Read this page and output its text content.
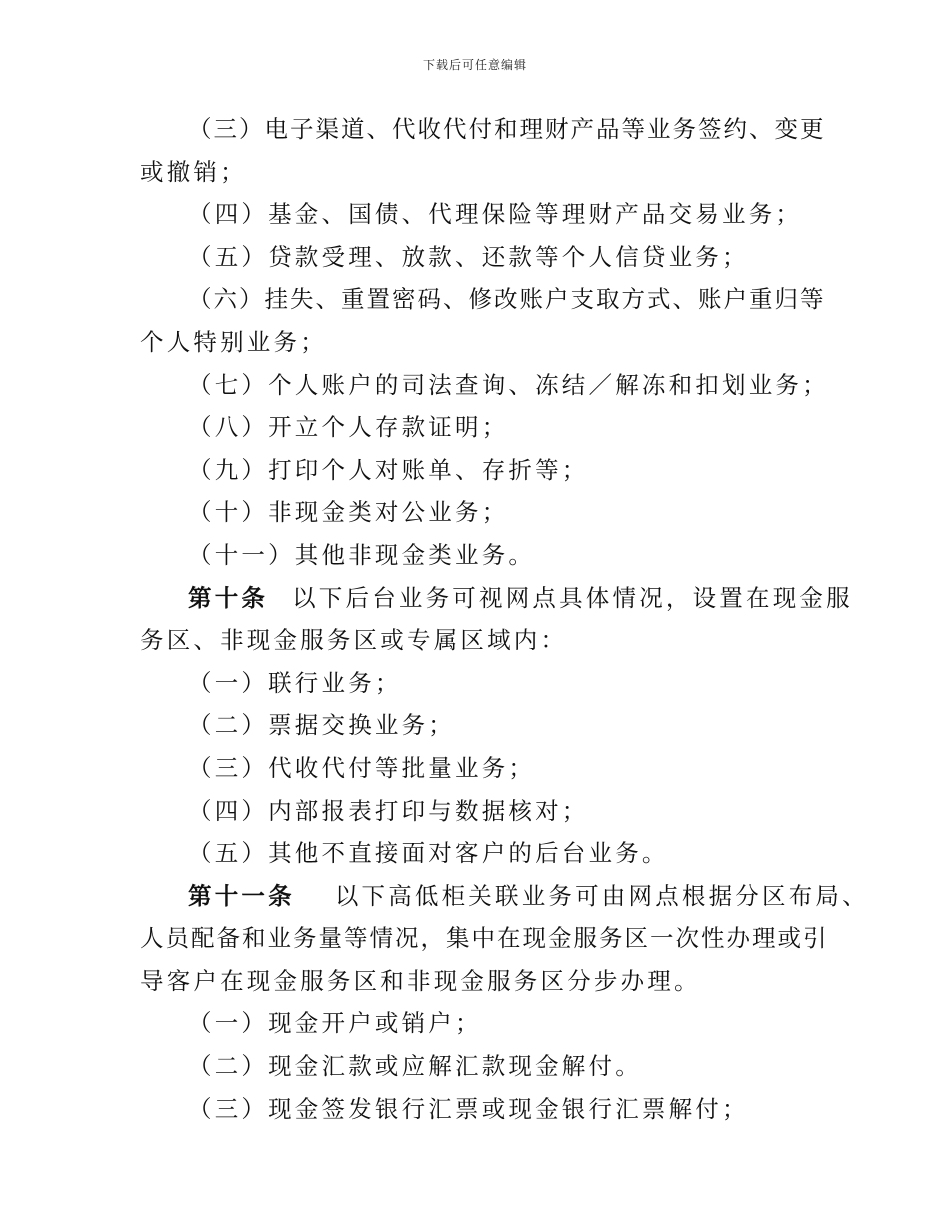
下载后可任意编辑
（三）电子渠道、代收代付和理财产品等业务签约、变更
或撤销；
（四）基金、国债、代理保险等理财产品交易业务；
（五）贷款受理、放款、还款等个人信贷业务；
（六）挂失、重置密码、修改账户支取方式、账户重归等
个人特别业务；
（七）个人账户的司法查询、冻结／解冻和扣划业务；
（八）开立个人存款证明；
（九）打印个人对账单、存折等；
（十）非现金类对公业务；
（十一）其他非现金类业务。
第十条 以下后台业务可视网点具体情况，设置在现金服
务区、非现金服务区或专属区域内：
（一）联行业务；
（二）票据交换业务；
（三）代收代付等批量业务；
（四）内部报表打印与数据核对；
（五）其他不直接面对客户的后台业务。
第十一条 以下高低柜关联业务可由网点根据分区布局、
人员配备和业务量等情况，集中在现金服务区一次性办理或引
导客户在现金服务区和非现金服务区分步办理。
（一）现金开户或销户；
（二）现金汇款或应解汇款现金解付。
（三）现金签发银行汇票或现金银行汇票解付；
